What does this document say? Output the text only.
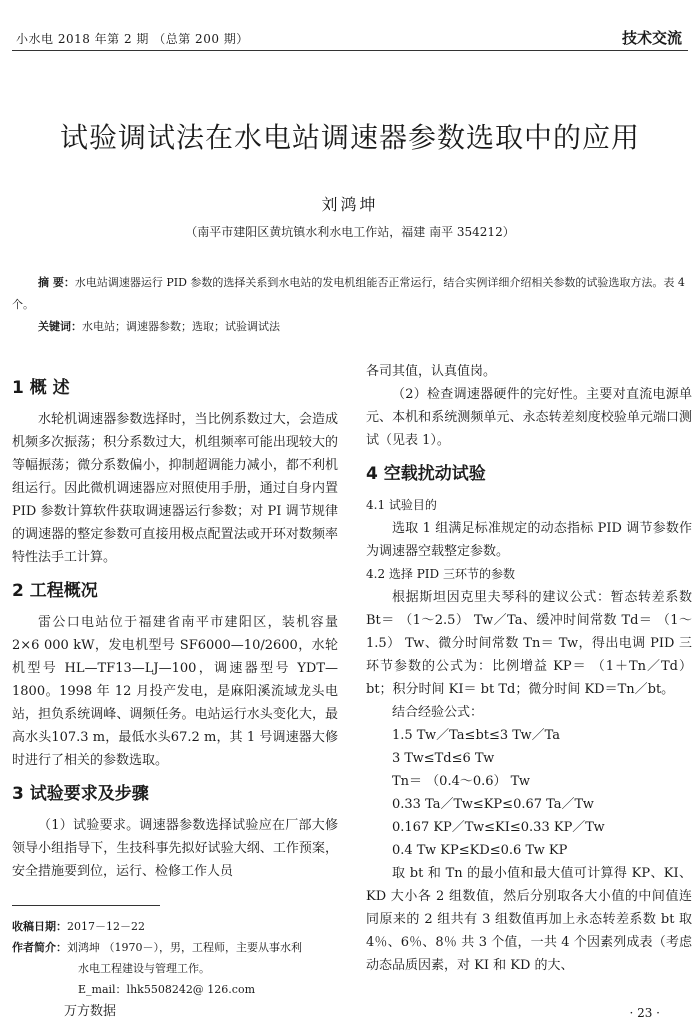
小水电 2018 年第 2 期 （总第 200 期）	技术交流
试验调试法在水电站调速器参数选取中的应用
刘鸿坤
（南平市建阳区黄坑镇水利水电工作站，福建 南平 354212）
摘 要：水电站调速器运行 PID 参数的选择关系到水电站的发电机组能否正常运行，结合实例详细介绍相关参数的试验选取方法。表 4 个。
关键词：水电站；调速器参数；选取；试验调试法
1 概 述

水轮机调速器参数选择时，当比例系数过大，会造成机频多次振荡；积分系数过大，机组频率可能出现较大的等幅振荡；微分系数偏小，抑制超调能力减小，都不利机组运行。因此微机调速器应对照使用手册，通过自身内置 PID 参数计算软件获取调速器运行参数；对 PI 调节规律的调速器的整定参数可直接用极点配置法或开环对数频率特性法手工计算。

2 工程概况

雷公口电站位于福建省南平市建阳区，装机容量 2×6 000 kW，发电机型号 SF6000—10/2600，水轮机型号 HL—TF13—LJ—100，调速器型号 YDT—1800。1998 年 12 月投产发电，是麻阳溪流域龙头电站，担负系统调峰、调频任务。电站运行水头变化大，最高水头107.3 m，最低水头67.2 m，其 1 号调速器大修时进行了相关的参数选取。

3 试验要求及步骤

（1）试验要求。调速器参数选择试验应在厂部大修领导小组指导下，生技科事先拟好试验大纲、工作预案，安全措施要到位，运行、检修工作人员

各司其值，认真值岗。

（2）检查调速器硬件的完好性。主要对直流电源单元、本机和系统测频单元、永态转差刻度校验单元端口测试（见表 1）。

4 空载扰动试验

4.1 试验目的

选取 1 组满足标准规定的动态指标 PID 调节参数作为调速器空载整定参数。

4.2 选择 PID 三环节的参数

根据斯坦因克里夫琴科的建议公式：暂态转差系数 Bt＝ （1～2.5） Tw／Ta、缓冲时间常数 Td＝ （1～1.5） Tw、微分时间常数 Tn＝ Tw，得出电调 PID 三环节参数的公式为：比例增益 KP＝ （1＋Tn／Td） bt；积分时间 KI＝ bt Td；微分时间 KD＝Tn／bt。

结合经验公式：

1.5 Tw／Ta≤bt≤3 Tw／Ta

3 Tw≤Td≤6 Tw

Tn＝ （0.4～0.6） Tw

0.33 Ta／Tw≤KP≤0.67 Ta／Tw

0.167 KP／Tw≤KI≤0.33 KP／Tw

0.4 Tw KP≤KD≤0.6 Tw KP

取 bt 和 Tn 的最小值和最大值可计算得 KP、KI、KD 大小各 2 组数值，然后分别取各大小值的中间值连同原来的 2 组共有 3 组数值再加上永态转差系数 bt 取 4％、6％、8％ 共 3 个值，一共 4 个因素列成表（考虑动态品质因素，对 KI 和 KD 的大、

收稿日期：2017－12－22
作者简介：刘鸿坤 （1970－），男，工程师，主要从事水利
水电工程建设与管理工作。
E_mail：lhk5508242@ 126.com
万方数据	· 23 ·
